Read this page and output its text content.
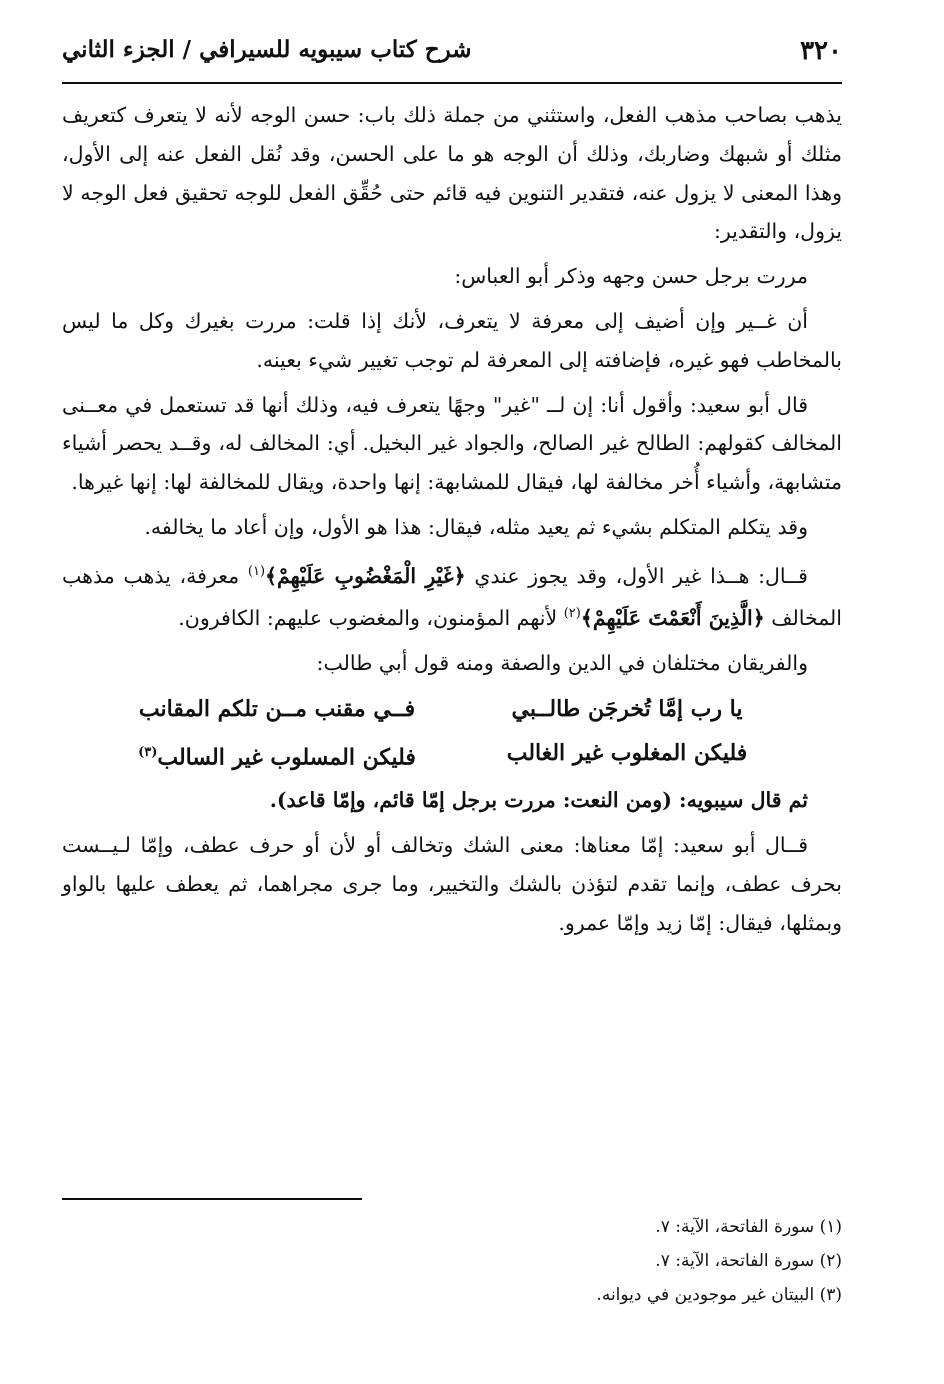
٣٢٠
شرح كتاب سيبويه للسيرافي / الجزء الثاني

يذهب بصاحب مذهب الفعل، واستثني من جملة ذلك باب: حسن الوجه لأنه لا يتعرف كتعريف مثلك أو شبهك وضاربك، وذلك أن الوجه هو ما على الحسن، وقد نُقل الفعل عنه إلى الأول، وهذا المعنى لا يزول عنه، فتقدير التنوين فيه قائم حتى حُقِّق الفعل للوجه تحقيق فعل الوجه لا يزول، والتقدير:

مررت برجل حسن وجهه وذكر أبو العباس:

أن غــير وإن أضيف إلى معرفة لا يتعرف، لأنك إذا قلت: مررت بغيرك وكل ما ليس بالمخاطب فهو غيره، فإضافته إلى المعرفة لم توجب تغيير شيء بعينه.

قال أبو سعيد: وأقول أنا: إن لــ "غير" وجهًا يتعرف فيه، وذلك أنها قد تستعمل في معــنى المخالف كقولهم: الطالح غير الصالح، والجواد غير البخيل. أي: المخالف له، وقــد يحصر أشياء متشابهة، وأشياء أُخر مخالفة لها، فيقال للمشابهة: إنها واحدة، ويقال للمخالفة لها: إنها غيرها.

وقد يتكلم المتكلم بشيء ثم يعيد مثله، فيقال: هذا هو الأول، وإن أعاد ما يخالفه.

قــال: هــذا غير الأول، وقد يجوز عندي ﴿غَيْرِ الْمَغْضُوبِ عَلَيْهِمْ﴾$^{(١)}$ معرفة، يذهب مذهب المخالف ﴿الَّذِينَ أَنْعَمْتَ عَلَيْهِمْ﴾$^{(٢)}$ لأنهم المؤمنون، والمغضوب عليهم: الكافرون.

والفريقان مختلفان في الدين والصفة ومنه قول أبي طالب:

يا رب إمَّا تُخرجَن طالــبي
فــي مقنب مــن تلكم المقانب
فليكن المغلوب غير الغالب
فليكن المسلوب غير السالب$^{(٣)}$

ثم قال سيبويه: (ومن النعت: مررت برجل إمّا قائم، وإمّا قاعد).

قــال أبو سعيد: إمّا معناها: معنى الشك وتخالف أو لأن أو حرف عطف، وإمّا لـيــست بحرف عطف، وإنما تقدم لتؤذن بالشك والتخيير، وما جرى مجراهما، ثم يعطف عليها بالواو وبمثلها، فيقال: إمّا زيد وإمّا عمرو.

(١) سورة الفاتحة، الآية: ٧.

(٢) سورة الفاتحة، الآية: ٧.

(٣) البيتان غير موجودين في ديوانه.
